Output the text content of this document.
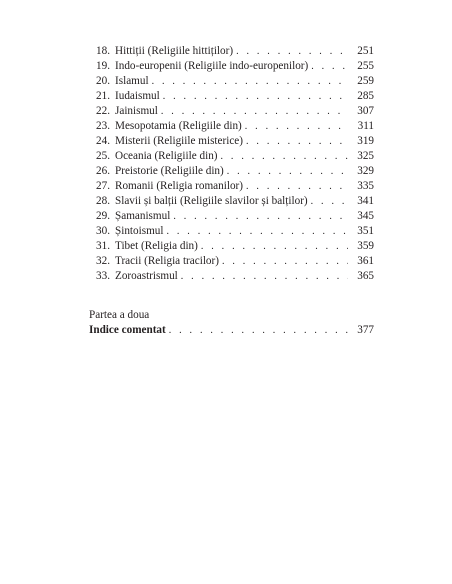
18. Hittiții (Religiile hittiților) . . .	251
19. Indo-europenii (Religiile indo-europenilor) . . .	255
20. Islamul . . .	259
21. Iudaismul . . .	285
22. Jainismul . . .	307
23. Mesopotamia (Religiile din) . . .	311
24. Misterii (Religiile misterice) . . .	319
25. Oceania (Religiile din) . . .	325
26. Preistorie (Religiile din) . . .	329
27. Romanii (Religia romanilor) . . .	335
28. Slavii și balții (Religiile slavilor și balților) . . .	341
29. Șamanismul . . .	345
30. Șintoismul . . .	351
31. Tibet (Religia din) . . .	359
32. Tracii (Religia tracilor) . . .	361
33. Zoroastrismul . . .	365
Partea a doua
Indice comentat . . .	377
